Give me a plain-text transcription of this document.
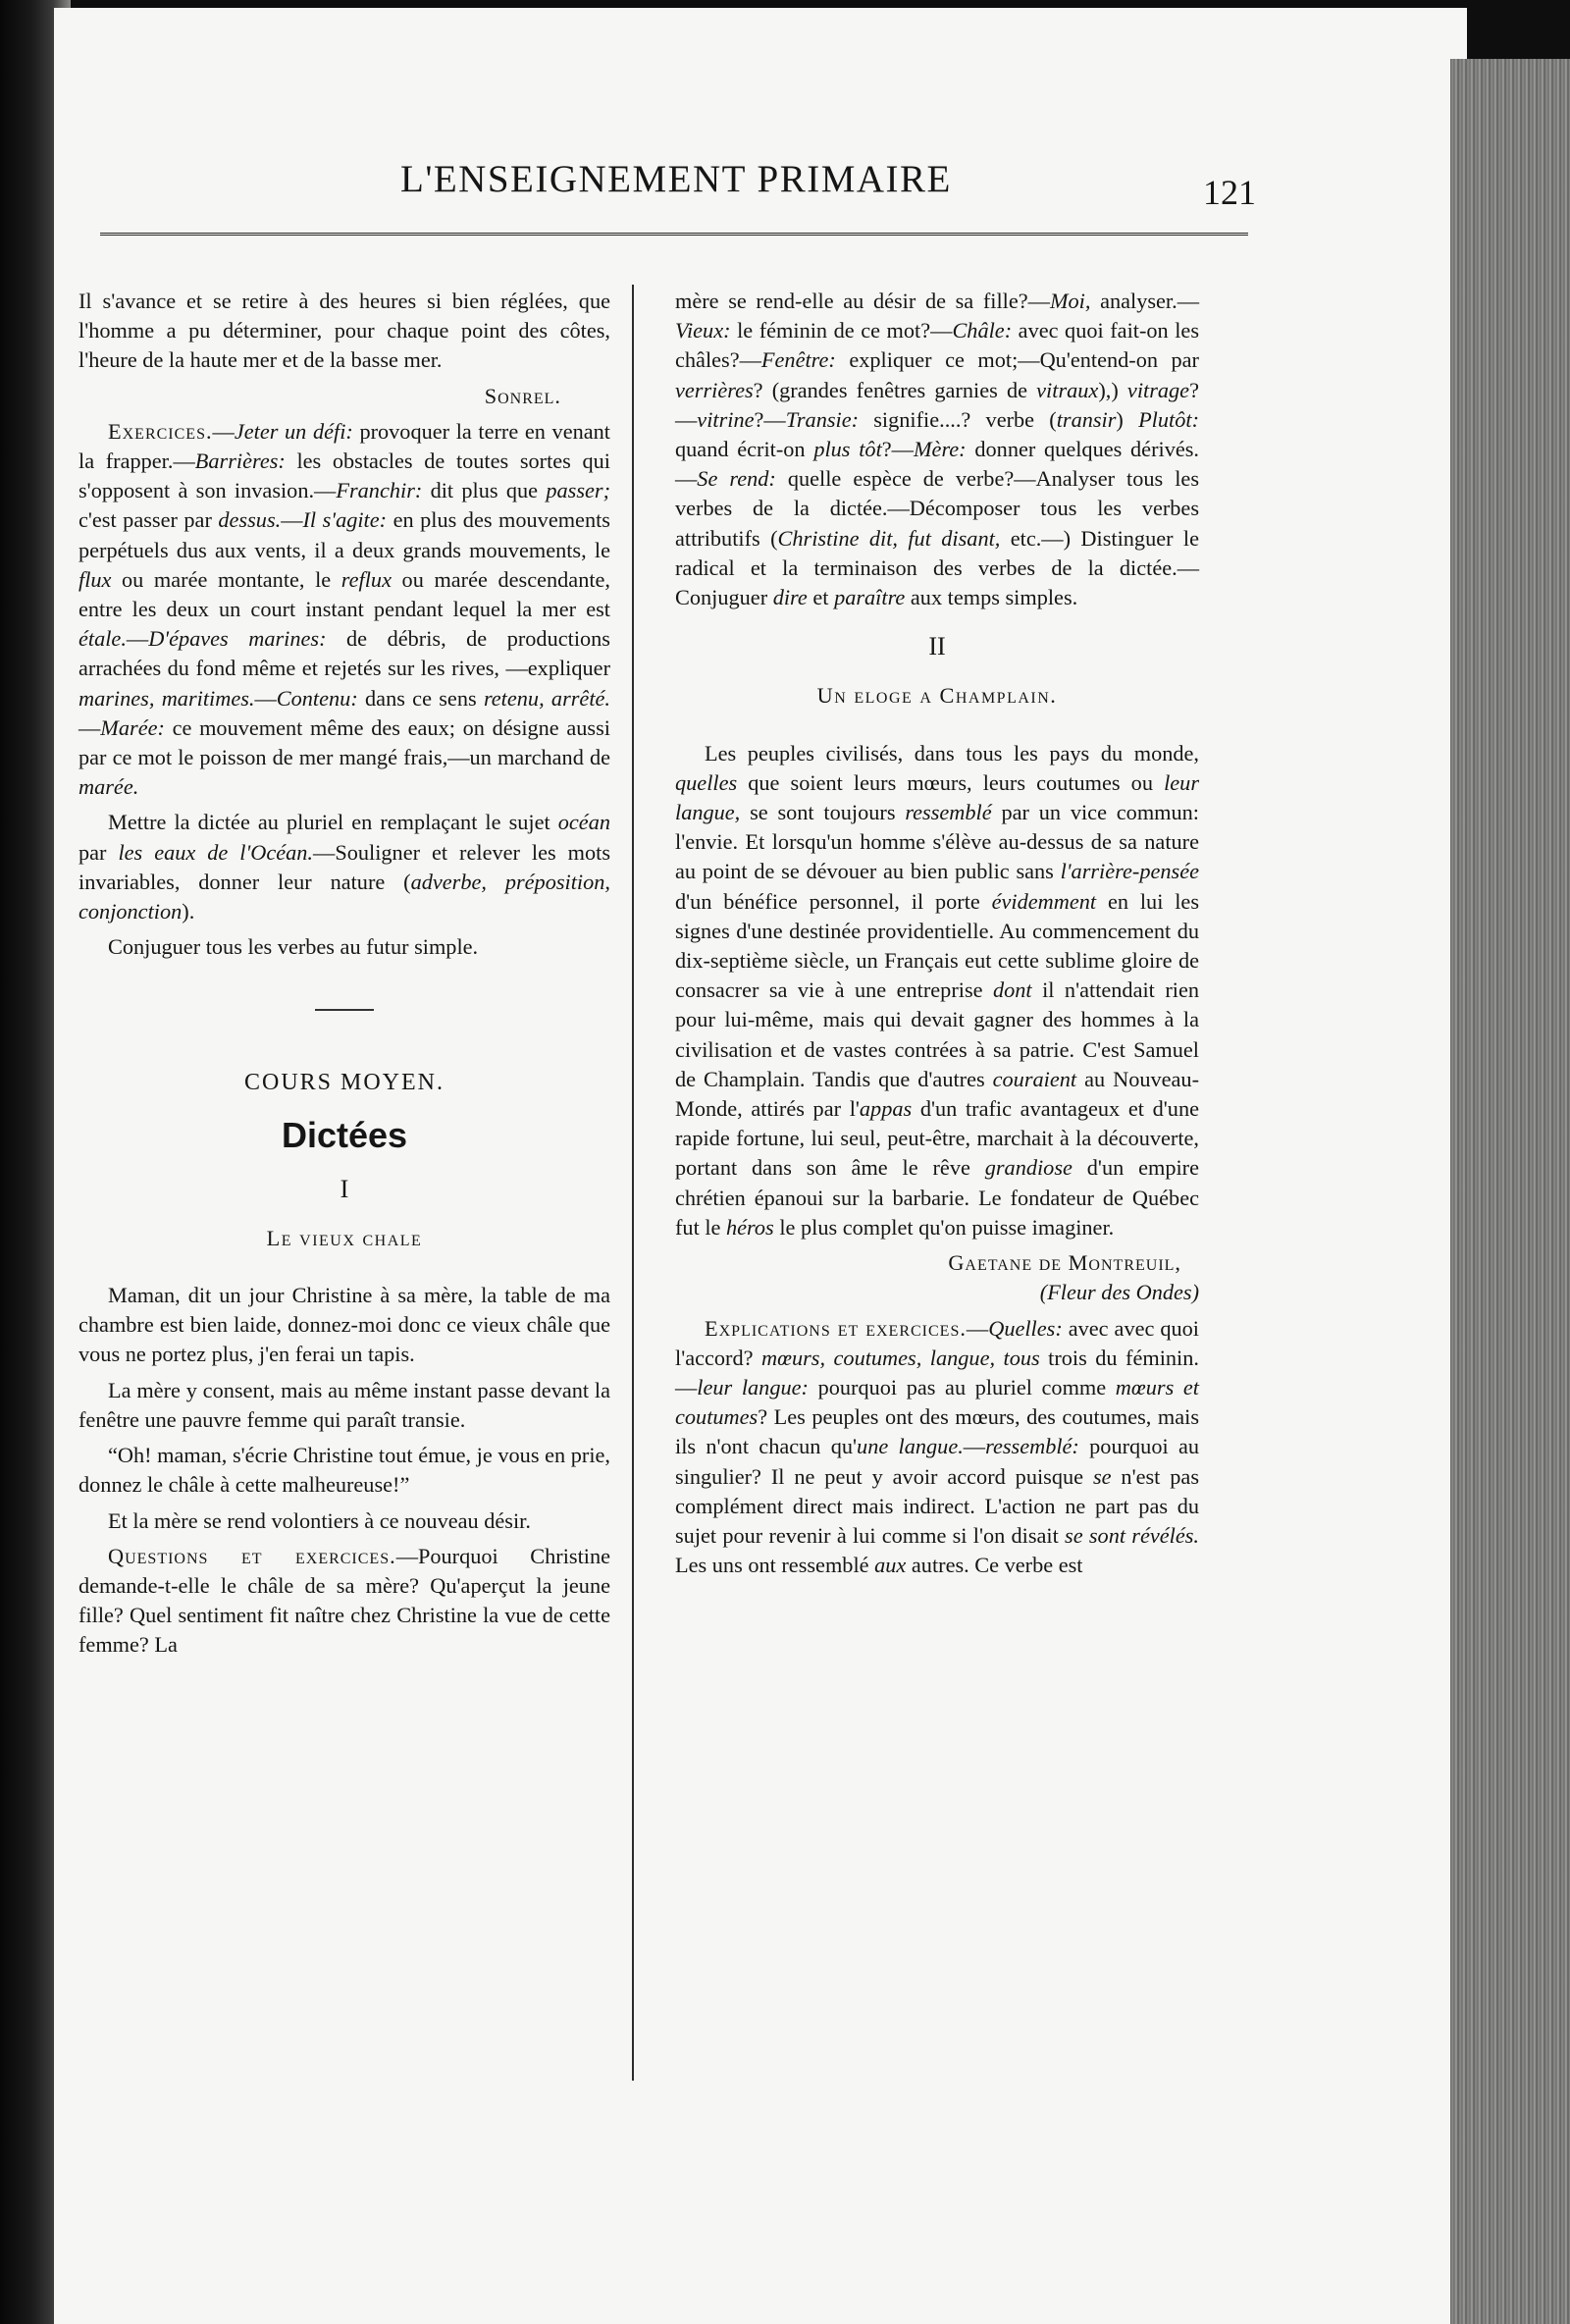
L'ENSEIGNEMENT PRIMAIRE	121

Il s'avance et se retire à des heures si bien réglées, que l'homme a pu déterminer, pour chaque point des côtes, l'heure de la haute mer et de la basse mer.

Sonrel.

Exercices.—Jeter un défi: provoquer la terre en venant la frapper.—Barrières: les obstacles de toutes sortes qui s'opposent à son invasion.—Franchir: dit plus que passer; c'est passer par dessus.—Il s'agite: en plus des mouvements perpétuels dus aux vents, il a deux grands mouvements, le flux ou marée montante, le reflux ou marée descendante, entre les deux un court instant pendant lequel la mer est étale.—D'épaves marines: de débris, de productions arrachées du fond même et rejetés sur les rives, —expliquer marines, maritimes.—Contenu: dans ce sens retenu, arrêté.—Marée: ce mouvement même des eaux; on désigne aussi par ce mot le poisson de mer mangé frais,—un marchand de marée.

Mettre la dictée au pluriel en remplaçant le sujet océan par les eaux de l'Océan.—Souligner et relever les mots invariables, donner leur nature (adverbe, préposition, conjonction).

Conjuguer tous les verbes au futur simple.

COURS MOYEN.
Dictées
I
Le vieux chale

Maman, dit un jour Christine à sa mère, la table de ma chambre est bien laide, donnez-moi donc ce vieux châle que vous ne portez plus, j'en ferai un tapis.

La mère y consent, mais au même instant passe devant la fenêtre une pauvre femme qui paraît transie.

“Oh! maman, s'écrie Christine tout émue, je vous en prie, donnez le châle à cette malheureuse!”

Et la mère se rend volontiers à ce nouveau désir.

Questions et exercices.—Pourquoi Christine demande-t-elle le châle de sa mère? Qu'aperçut la jeune fille? Quel sentiment fit naître chez Christine la vue de cette femme? La

mère se rend-elle au désir de sa fille?—Moi, analyser.—Vieux: le féminin de ce mot?—Châle: avec quoi fait-on les châles?—Fenêtre: expliquer ce mot;—Qu'entend-on par verrières? (grandes fenêtres garnies de vitraux),) vitrage?—vitrine?—Transie: signifie....? verbe (transir) Plutôt: quand écrit-on plus tôt?—Mère: donner quelques dérivés.—Se rend: quelle espèce de verbe?—Analyser tous les verbes de la dictée.—Décomposer tous les verbes attributifs (Christine dit, fut disant, etc.—) Distinguer le radical et la terminaison des verbes de la dictée.—Conjuguer dire et paraître aux temps simples.

II
Un eloge a Champlain.

Les peuples civilisés, dans tous les pays du monde, quelles que soient leurs mœurs, leurs coutumes ou leur langue, se sont toujours ressemblé par un vice commun: l'envie. Et lorsqu'un homme s'élève au-dessus de sa nature au point de se dévouer au bien public sans l'arrière-pensée d'un bénéfice personnel, il porte évidemment en lui les signes d'une destinée providentielle. Au commencement du dix-septième siècle, un Français eut cette sublime gloire de consacrer sa vie à une entreprise dont il n'attendait rien pour lui-même, mais qui devait gagner des hommes à la civilisation et de vastes contrées à sa patrie. C'est Samuel de Champlain. Tandis que d'autres couraient au Nouveau-Monde, attirés par l'appas d'un trafic avantageux et d'une rapide fortune, lui seul, peut-être, marchait à la découverte, portant dans son âme le rêve grandiose d'un empire chrétien épanoui sur la barbarie. Le fondateur de Québec fut le héros le plus complet qu'on puisse imaginer.

Gaetane de Montreuil,

(Fleur des Ondes)

Explications et exercices.—Quelles: avec avec quoi l'accord? mœurs, coutumes, langue, tous trois du féminin.—leur langue: pourquoi pas au pluriel comme mœurs et coutumes? Les peuples ont des mœurs, des coutumes, mais ils n'ont chacun qu'une langue.—ressemblé: pourquoi au singulier? Il ne peut y avoir accord puisque se n'est pas complément direct mais indirect. L'action ne part pas du sujet pour revenir à lui comme si l'on disait se sont révélés. Les uns ont ressemblé aux autres. Ce verbe est
